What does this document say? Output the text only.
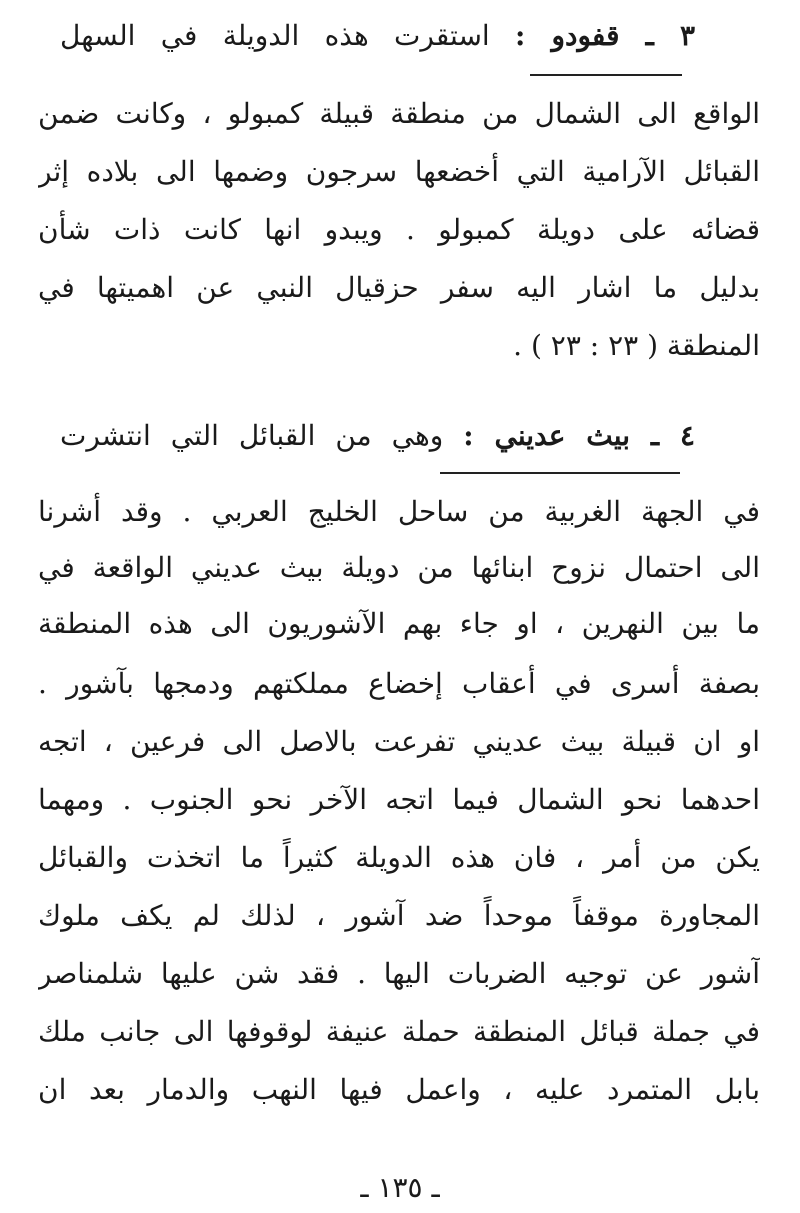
٣ ـ قفودو : استقرت هذه الدويلة في السهل
الواقع الى الشمال من منطقة قبيلة كمبولو ، وكانت ضمن
القبائل الآرامية التي أخضعها سرجون وضمها الى بلاده إثر
قضائه على دويلة كمبولو . ويبدو انها كانت ذات شأن
بدليل ما اشار اليه سفر حزقيال النبي عن اهميتها في
المنطقة ( ٢٣ : ٢٣ ) .
٤ ـ بيث عديني : وهي من القبائل التي انتشرت
في الجهة الغربية من ساحل الخليج العربي . وقد أشرنا
الى احتمال نزوح ابنائها من دويلة بيث عديني الواقعة في
ما بين النهرين ، او جاء بهم الآشوريون الى هذه المنطقة
بصفة أسرى في أعقاب إخضاع مملكتهم ودمجها بآشور .
او ان قبيلة بيث عديني تفرعت بالاصل الى فرعين ، اتجه
احدهما نحو الشمال فيما اتجه الآخر نحو الجنوب . ومهما
يكن من أمر ، فان هذه الدويلة كثيراً ما اتخذت والقبائل
المجاورة موقفاً موحداً ضد آشور ، لذلك لم يكف ملوك
آشور عن توجيه الضربات اليها . فقد شن عليها شلمناصر
في جملة قبائل المنطقة حملة عنيفة لوقوفها الى جانب ملك
بابل المتمرد عليه ، واعمل فيها النهب والدمار بعد ان
ـ ١٣٥ ـ
